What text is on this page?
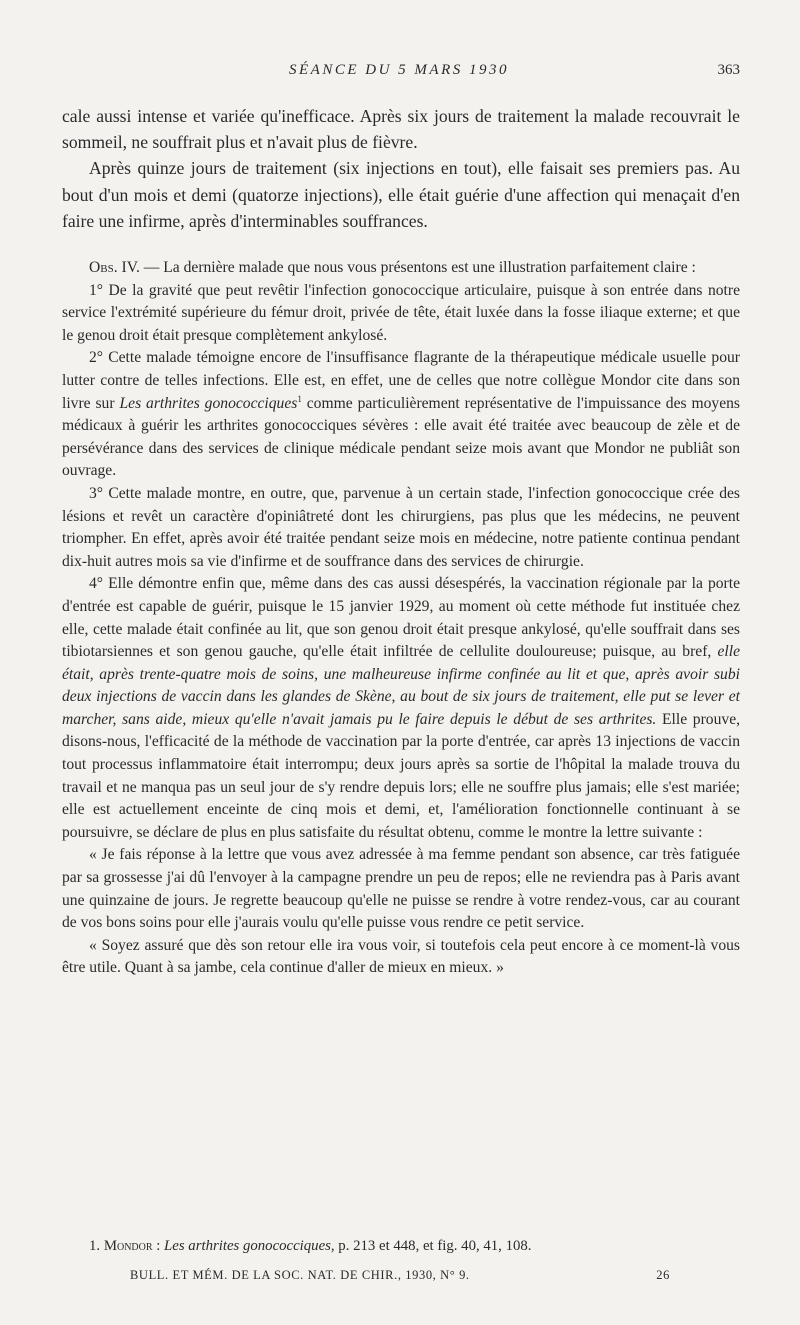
SÉANCE DU 5 MARS 1930	363

cale aussi intense et variée qu'inefficace. Après six jours de traitement la malade recouvrait le sommeil, ne souffrait plus et n'avait plus de fièvre.

Après quinze jours de traitement (six injections en tout), elle faisait ses premiers pas. Au bout d'un mois et demi (quatorze injections), elle était guérie d'une affection qui menaçait d'en faire une infirme, après d'interminables souffrances.

Obs. IV. — La dernière malade que nous vous présentons est une illustration parfaitement claire :

1° De la gravité que peut revêtir l'infection gonococcique articulaire, puisque à son entrée dans notre service l'extrémité supérieure du fémur droit, privée de tête, était luxée dans la fosse iliaque externe; et que le genou droit était presque complètement ankylosé.

2° Cette malade témoigne encore de l'insuffisance flagrante de la thérapeutique médicale usuelle pour lutter contre de telles infections. Elle est, en effet, une de celles que notre collègue Mondor cite dans son livre sur Les arthrites gonococciques$^1$ comme particulièrement représentative de l'impuissance des moyens médicaux à guérir les arthrites gonococciques sévères : elle avait été traitée avec beaucoup de zèle et de persévérance dans des services de clinique médicale pendant seize mois avant que Mondor ne publiât son ouvrage.

3° Cette malade montre, en outre, que, parvenue à un certain stade, l'infection gonococcique crée des lésions et revêt un caractère d'opiniâtreté dont les chirurgiens, pas plus que les médecins, ne peuvent triompher. En effet, après avoir été traitée pendant seize mois en médecine, notre patiente continua pendant dix-huit autres mois sa vie d'infirme et de souffrance dans des services de chirurgie.

4° Elle démontre enfin que, même dans des cas aussi désespérés, la vaccination régionale par la porte d'entrée est capable de guérir, puisque le 15 janvier 1929, au moment où cette méthode fut instituée chez elle, cette malade était confinée au lit, que son genou droit était presque ankylosé, qu'elle souffrait dans ses tibiotarsiennes et son genou gauche, qu'elle était infiltrée de cellulite douloureuse; puisque, au bref, elle était, après trente-quatre mois de soins, une malheureuse infirme confinée au lit et que, après avoir subi deux injections de vaccin dans les glandes de Skène, au bout de six jours de traitement, elle put se lever et marcher, sans aide, mieux qu'elle n'avait jamais pu le faire depuis le début de ses arthrites. Elle prouve, disons-nous, l'efficacité de la méthode de vaccination par la porte d'entrée, car après 13 injections de vaccin tout processus inflammatoire était interrompu; deux jours après sa sortie de l'hôpital la malade trouva du travail et ne manqua pas un seul jour de s'y rendre depuis lors; elle ne souffre plus jamais; elle s'est mariée; elle est actuellement enceinte de cinq mois et demi, et, l'amélioration fonctionnelle continuant à se poursuivre, se déclare de plus en plus satisfaite du résultat obtenu, comme le montre la lettre suivante :

« Je fais réponse à la lettre que vous avez adressée à ma femme pendant son absence, car très fatiguée par sa grossesse j'ai dû l'envoyer à la campagne prendre un peu de repos; elle ne reviendra pas à Paris avant une quinzaine de jours. Je regrette beaucoup qu'elle ne puisse se rendre à votre rendez-vous, car au courant de vos bons soins pour elle j'aurais voulu qu'elle puisse vous rendre ce petit service.

« Soyez assuré que dès son retour elle ira vous voir, si toutefois cela peut encore à ce moment-là vous être utile. Quant à sa jambe, cela continue d'aller de mieux en mieux. »

1. Mondor : Les arthrites gonococciques, p. 213 et 448, et fig. 40, 41, 108.
BULL. ET MÉM. DE LA SOC. NAT. DE CHIR., 1930, N° 9.	26
